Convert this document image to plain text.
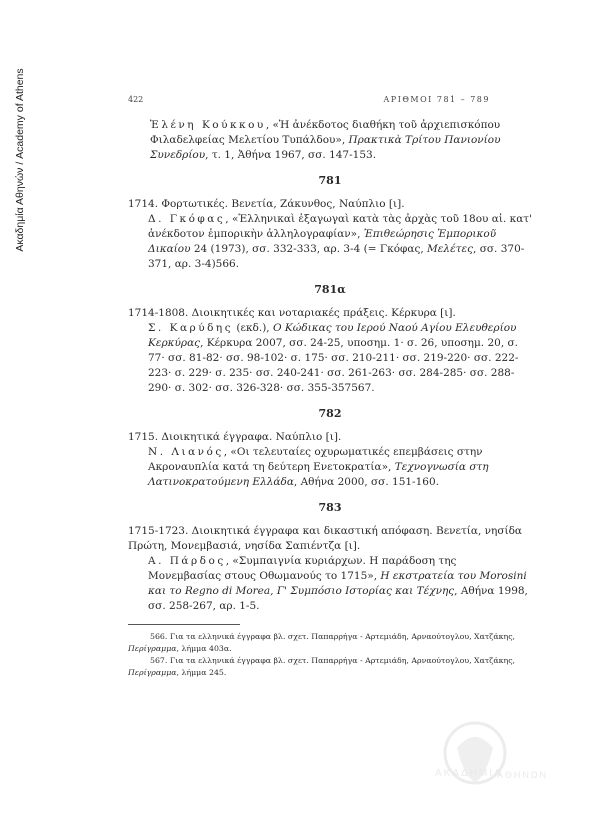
Ακαδημία Αθηνών / Academy of Athens	422	ΑΡΙΘΜΟΙ 781 – 789

Ἑλένη Κούκκου, «Ἡ ἀνέκδοτος διαθήκη τοῦ ἀρχιεπισκόπου Φιλαδελφείας Μελετίου Τυπάλδου», Πρακτικὰ Τρίτου Πανιονίου Συνεδρίου, τ. 1, Ἀθήνα 1967, σσ. 147-153.

781

1714. Φορτωτικές. Βενετία, Ζάκυνθος, Ναύπλιο [ι].

Δ. Γκόφας, «Ἑλληνικαὶ ἐξαγωγαὶ κατὰ τὰς ἀρχὰς τοῦ 18ου αἰ. κατ' ἀνέκδοτον ἐμπορικὴν ἀλληλογραφίαν», Ἐπιθεώρησις Ἐμπορικοῦ Δικαίου 24 (1973), σσ. 332-333, αρ. 3-4 (= Γκόφας, Μελέτες, σσ. 370-371, αρ. 3-4)566.

781α

1714-1808. Διοικητικές και νοταριακές πράξεις. Κέρκυρα [ι].

Σ. Καρύδης (εκδ.), Ο Κώδικας του Ιερού Ναού Αγίου Ελευθερίου Κερκύρας, Κέρκυρα 2007, σσ. 24-25, υποσημ. 1· σ. 26, υποσημ. 20, σ. 77· σσ. 81-82· σσ. 98-102· σ. 175· σσ. 210-211· σσ. 219-220· σσ. 222-223· σ. 229· σ. 235· σσ. 240-241· σσ. 261-263· σσ. 284-285· σσ. 288-290· σ. 302· σσ. 326-328· σσ. 355-357567.

782

1715. Διοικητικά έγγραφα. Ναύπλιο [ι].

Ν. Λιανός, «Οι τελευταίες οχυρωματικές επεμβάσεις στην Ακροναυπλία κατά τη δεύτερη Ενετοκρατία», Τεχνογνωσία στη Λατινοκρατούμενη Ελλάδα, Αθήνα 2000, σσ. 151-160.

783

1715-1723. Διοικητικά έγγραφα και δικαστική απόφαση. Βενετία, νησίδα Πρώτη, Μονεμβασιά, νησίδα Σαπιέντζα [ι].

Α. Πάρδος, «Συμπαιγνία κυριάρχων. Η παράδοση της Μονεμβασίας στους Οθωμανούς το 1715», Η εκστρατεία του Morosini και το Regno di Morea, Γ' Συμπόσιο Ιστορίας και Τέχνης, Αθήνα 1998, σσ. 258-267, αρ. 1-5.

566. Για τα ελληνικά έγγραφα βλ. σχετ. Παπαρρήγα - Αρτεμιάδη, Αρναούτογλου, Χατζάκης, Περίγραμμα, λήμμα 403α.

567. Για τα ελληνικά έγγραφα βλ. σχετ. Παπαρρήγα - Αρτεμιάδη, Αρναούτογλου, Χατζάκης, Περίγραμμα, λήμμα 245.

ΑΚΑΔΗΜΙΑ
ΑΘΗΝΩΝ
